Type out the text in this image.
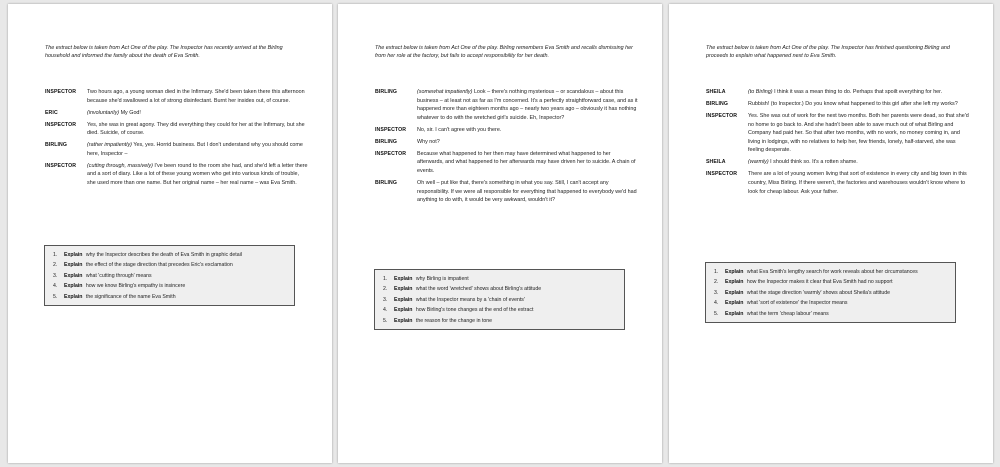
The extract below is taken from Act One of the play. The Inspector has recently arrived at the Birling household and informed the family about the death of Eva Smith.
INSPECTOR	Two hours ago, a young woman died in the Infirmary. She'd been taken there this afternoon because she'd swallowed a lot of strong disinfectant. Burnt her insides out, of course.
ERIC	(involuntarily) My God!
INSPECTOR	Yes, she was in great agony. They did everything they could for her at the Infirmary, but she died. Suicide, of course.
BIRLING	(rather impatiently) Yes, yes. Horrid business. But I don't understand why you should come here, Inspector –
INSPECTOR	(cutting through, massively) I've been round to the room she had, and she'd left a letter there and a sort of diary. Like a lot of these young women who get into various kinds of trouble, she used more than one name. But her original name – her real name – was Eva Smith.
1.	Explain why the Inspector describes the death of Eva Smith in graphic detail
2.	Explain the effect of the stage direction that precedes Eric's exclamation
3.	Explain what 'cutting through' means
4.	Explain how we know Birling's empathy is insincere
5.	Explain the significance of the name Eva Smith
The extract below is taken from Act One of the play. Birling remembers Eva Smith and recalls dismissing her from her role at the factory, but fails to accept responsibility for her death.
BIRLING	(somewhat impatiently) Look – there's nothing mysterious – or scandalous – about this business – at least not as far as I'm concerned. It's a perfectly straightforward case, and as it happened more than eighteen months ago – nearly two years ago – obviously it has nothing whatever to do with the wretched girl's suicide. Eh, Inspector?
INSPECTOR	No, sir. I can't agree with you there.
BIRLING	Why not?
INSPECTOR	Because what happened to her then may have determined what happened to her afterwards, and what happened to her afterwards may have driven her to suicide. A chain of events.
BIRLING	Oh well – put like that, there's something in what you say. Still, I can't accept any responsibility. If we were all responsible for everything that happened to everybody we'd had anything to do with, it would be very awkward, wouldn't it?
1.	Explain why Birling is impatient
2.	Explain what the word 'wretched' shows about Birling's attitude
3.	Explain what the Inspector means by a 'chain of events'
4.	Explain how Birling's tone changes at the end of the extract
5.	Explain the reason for the change in tone
The extract below is taken from Act One of the play. The Inspector has finished questioning Birling and proceeds to explain what happened next to Eva Smith.
SHEILA	(to Birling) I think it was a mean thing to do. Perhaps that spoilt everything for her.
BIRLING	Rubbish! (to Inspector.) Do you know what happened to this girl after she left my works?
INSPECTOR	Yes. She was out of work for the next two months. Both her parents were dead, so that she'd no home to go back to. And she hadn't been able to save much out of what Birling and Company had paid her. So that after two months, with no work, no money coming in, and living in lodgings, with no relatives to help her, few friends, lonely, half-starved, she was feeling desperate.
SHEILA	(warmly) I should think so. It's a rotten shame.
INSPECTOR	There are a lot of young women living that sort of existence in every city and big town in this country, Miss Birling. If there weren't, the factories and warehouses wouldn't know where to look for cheap labour. Ask your father.
1.	Explain what Eva Smith's lengthy search for work reveals about her circumstances
2.	Explain how the Inspector makes it clear that Eva Smith had no support
3.	Explain what the stage direction 'warmly' shows about Sheila's attitude
4.	Explain what 'sort of existence' the Inspector means
5.	Explain what the term 'cheap labour' means
